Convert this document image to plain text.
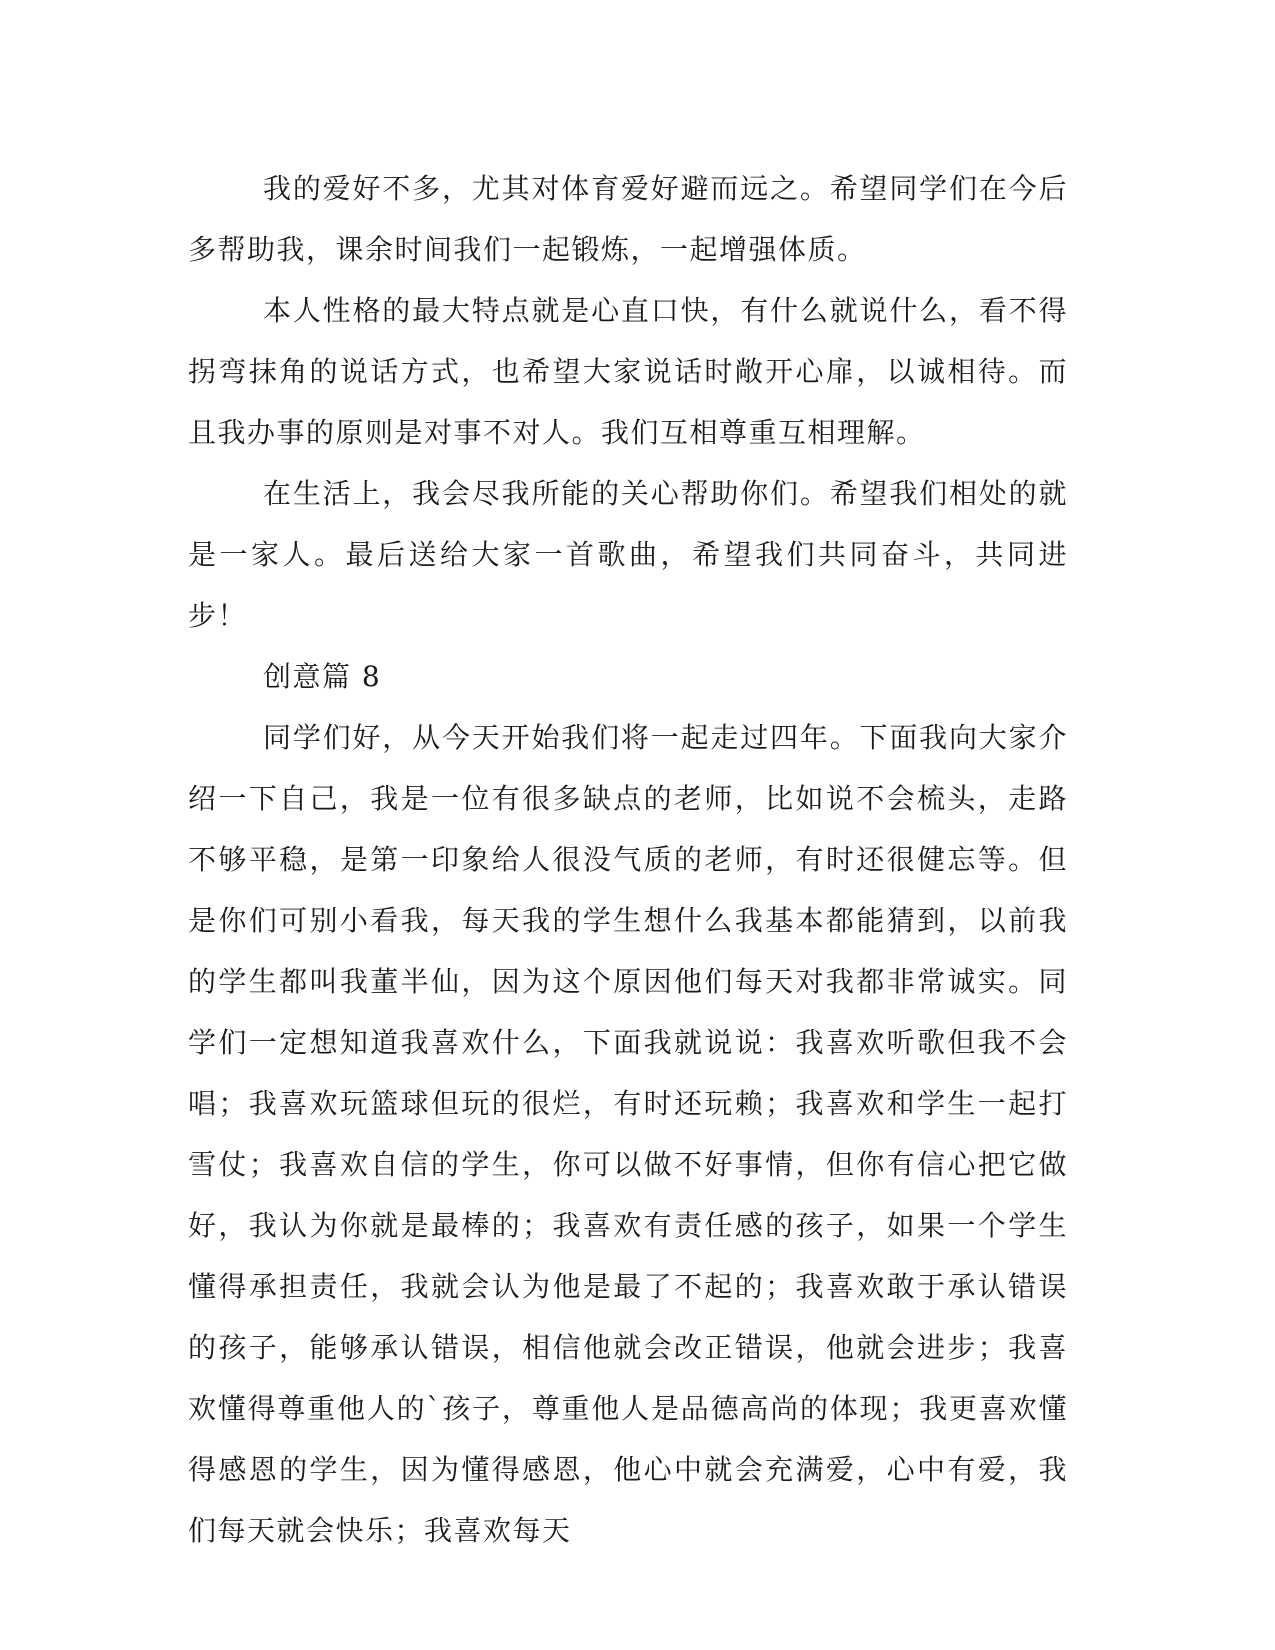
我的爱好不多，尤其对体育爱好避而远之。希望同学们在今后多帮助我，课余时间我们一起锻炼，一起增强体质。

本人性格的最大特点就是心直口快，有什么就说什么，看不得拐弯抹角的说话方式，也希望大家说话时敞开心扉，以诚相待。而且我办事的原则是对事不对人。我们互相尊重互相理解。

在生活上，我会尽我所能的关心帮助你们。希望我们相处的就是一家人。最后送给大家一首歌曲，希望我们共同奋斗，共同进步！

创意篇 8

同学们好，从今天开始我们将一起走过四年。下面我向大家介绍一下自己，我是一位有很多缺点的老师，比如说不会梳头，走路不够平稳，是第一印象给人很没气质的老师，有时还很健忘等。但是你们可别小看我，每天我的学生想什么我基本都能猜到，以前我的学生都叫我董半仙，因为这个原因他们每天对我都非常诚实。同学们一定想知道我喜欢什么，下面我就说说：我喜欢听歌但我不会唱；我喜欢玩篮球但玩的很烂，有时还玩赖；我喜欢和学生一起打雪仗；我喜欢自信的学生，你可以做不好事情，但你有信心把它做好，我认为你就是最棒的；我喜欢有责任感的孩子，如果一个学生懂得承担责任，我就会认为他是最了不起的；我喜欢敢于承认错误的孩子，能够承认错误，相信他就会改正错误，他就会进步；我喜欢懂得尊重他人的`孩子，尊重他人是品德高尚的体现；我更喜欢懂得感恩的学生，因为懂得感恩，他心中就会充满爱，心中有爱，我们每天就会快乐；我喜欢每天
